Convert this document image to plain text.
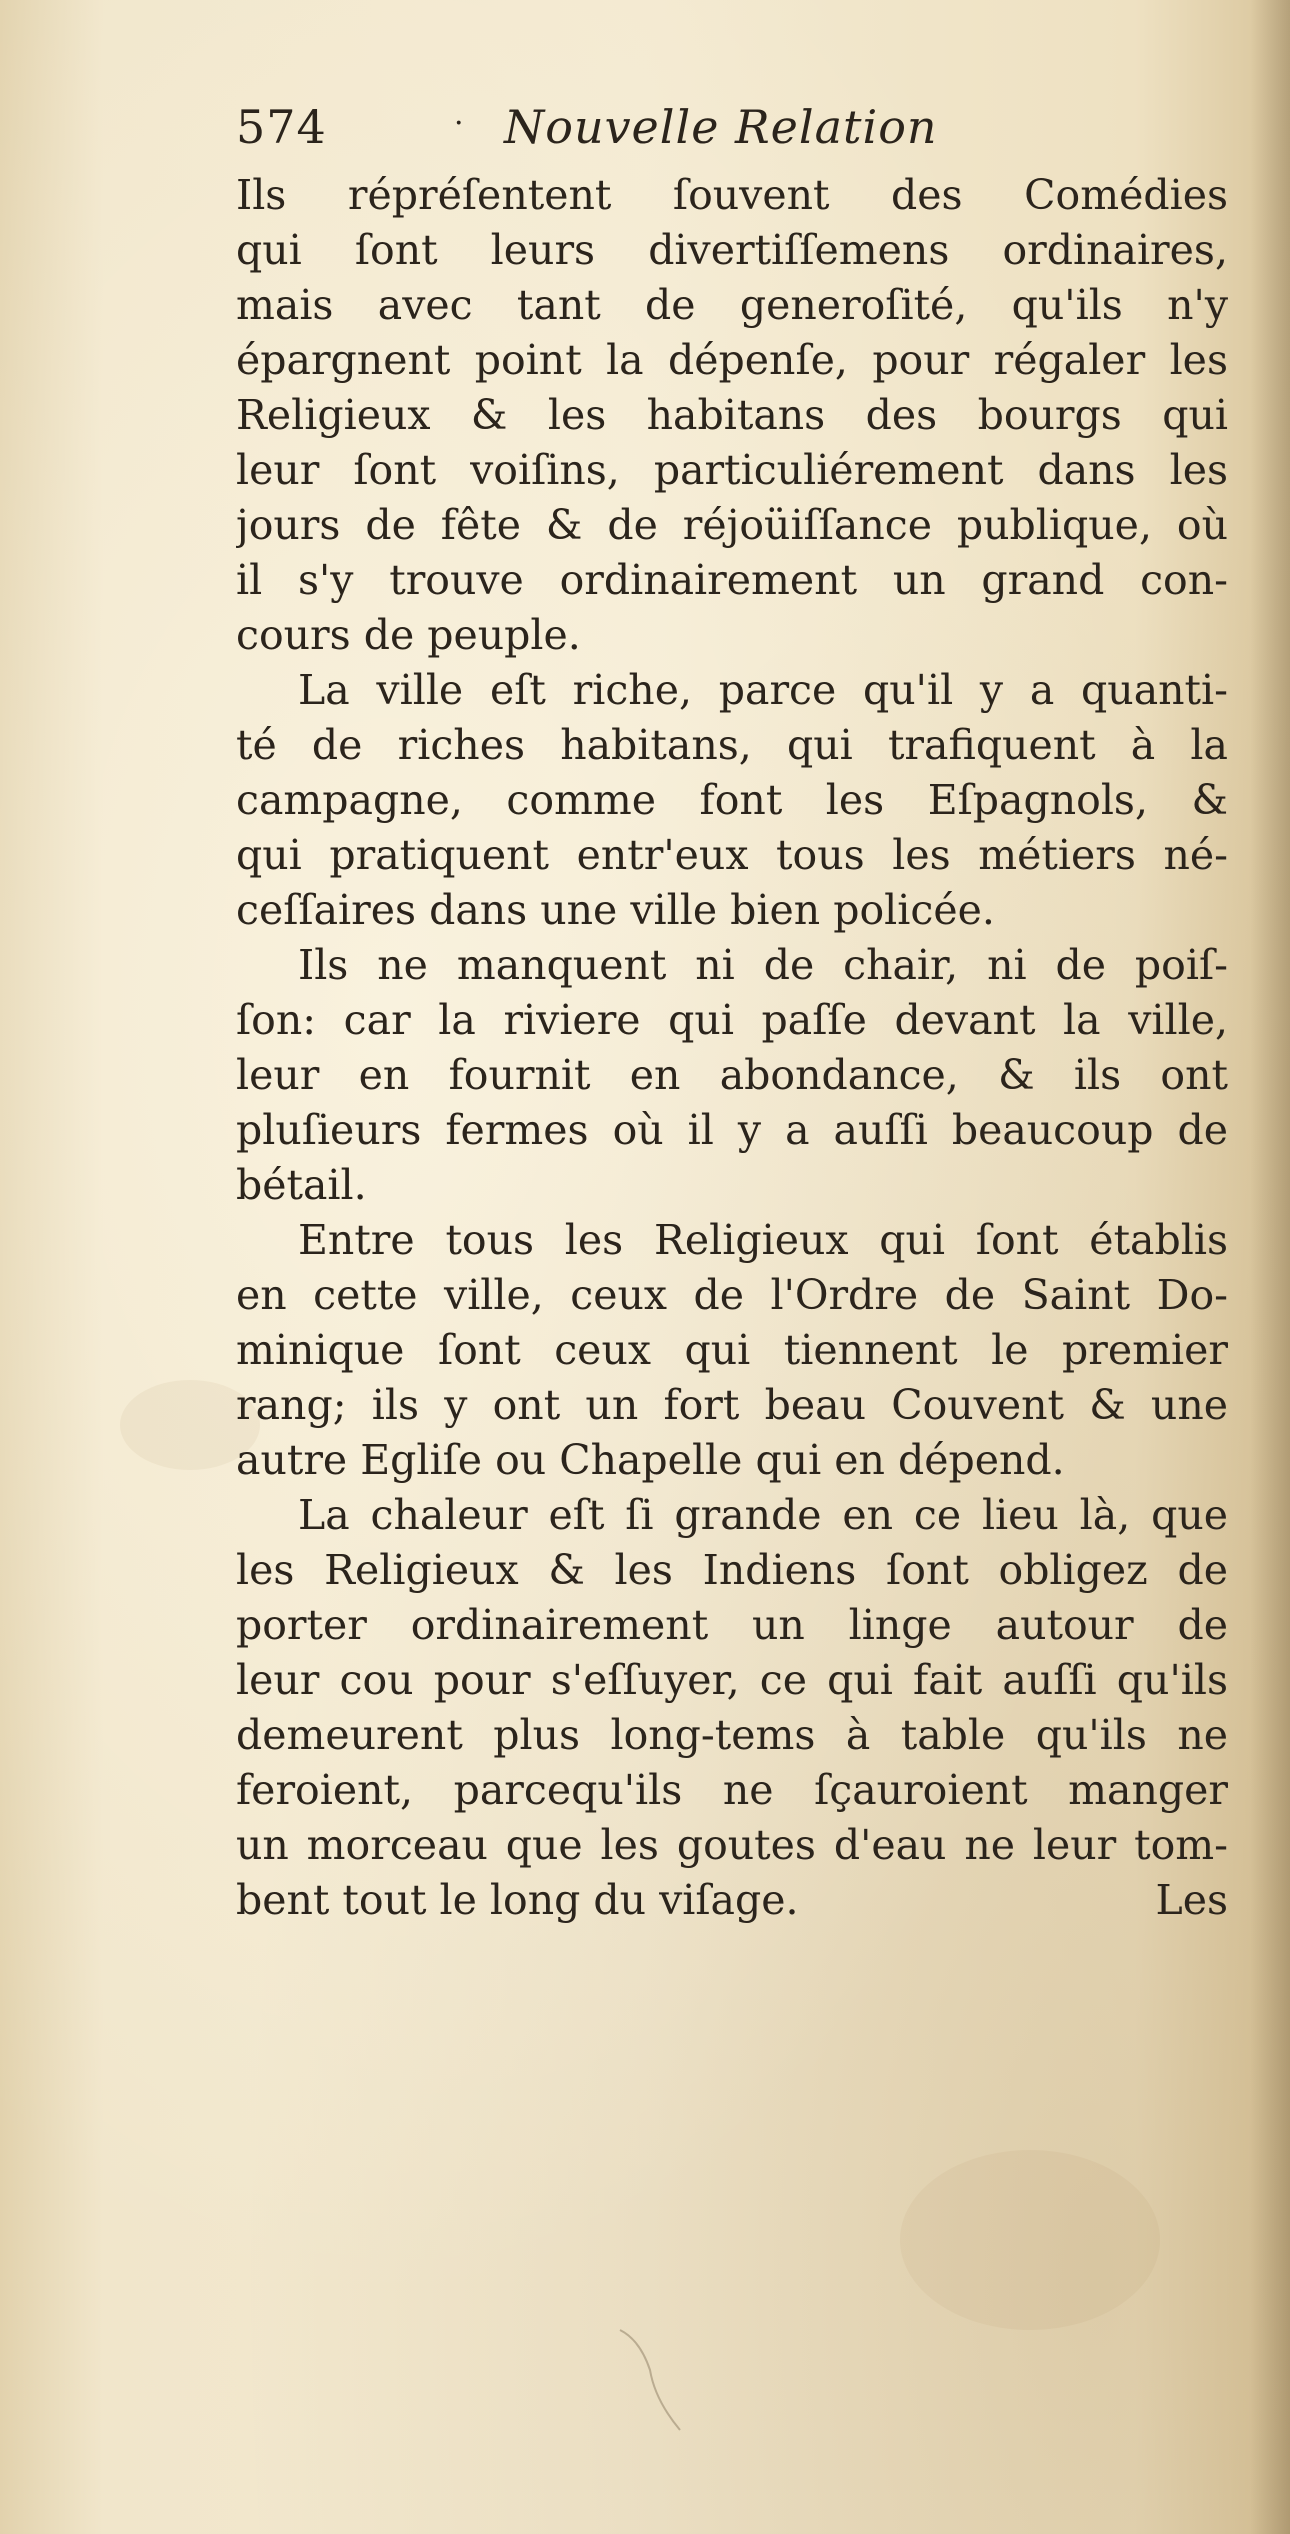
574	· Nouvelle Relation
Ils répréſentent ſouvent des Comédies
qui ſont leurs divertiſſemens ordinaires,
mais avec tant de generoſité, qu'ils n'y
épargnent point la dépenſe, pour régaler les
Religieux & les habitans des bourgs qui
leur ſont voiſins, particuliérement dans les
jours de fête & de réjoüiſſance publique, où
il s'y trouve ordinairement un grand con-
cours de peuple.
La ville eſt riche, parce qu'il y a quanti-
té de riches habitans, qui trafiquent à la
campagne, comme font les Eſpagnols, &
qui pratiquent entr'eux tous les métiers né-
ceſſaires dans une ville bien policée.
Ils ne manquent ni de chair, ni de poiſ-
ſon: car la riviere qui paſſe devant la ville,
leur en fournit en abondance, & ils ont
pluſieurs fermes où il y a auſſi beaucoup de
bétail.
Entre tous les Religieux qui ſont établis
en cette ville, ceux de l'Ordre de Saint Do-
minique ſont ceux qui tiennent le premier
rang; ils y ont un fort beau Couvent & une
autre Egliſe ou Chapelle qui en dépend.
La chaleur eſt ſi grande en ce lieu là, que
les Religieux & les Indiens ſont obligez de
porter ordinairement un linge autour de
leur cou pour s'eſſuyer, ce qui fait auſſi qu'ils
demeurent plus long-tems à table qu'ils ne
feroient, parcequ'ils ne ſçauroient manger
un morceau que les goutes d'eau ne leur tom-
bent tout le long du viſage.	Les
